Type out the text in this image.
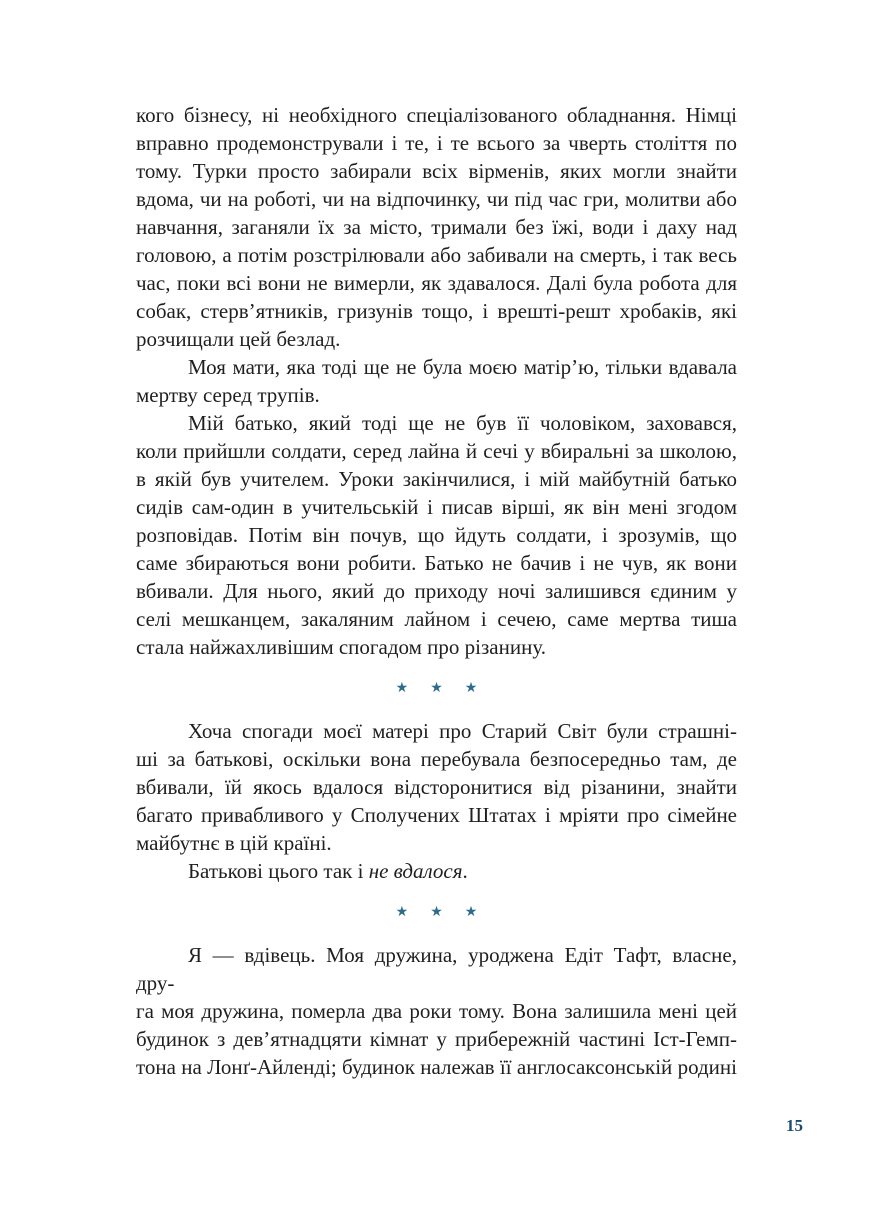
кого бізнесу, ні необхідного спеціалізованого обладнання. Німці
вправно продемонстрували і те, і те всього за чверть століття по
тому. Турки просто забирали всіх вірменів, яких могли знайти
вдома, чи на роботі, чи на відпочинку, чи під час гри, молитви або
навчання, заганяли їх за місто, тримали без їжі, води і даху над
головою, а потім розстрілювали або забивали на смерть, і так весь
час, поки всі вони не вимерли, як здавалося. Далі була робота для
собак, стерв’ятників, гризунів тощо, і врешті-решт хробаків, які
розчищали цей безлад.
Моя мати, яка тоді ще не була моєю матір’ю, тільки вдавала
мертву серед трупів.
Мій батько, який тоді ще не був її чоловіком, заховався,
коли прийшли солдати, серед лайна й сечі у вбиральні за школою,
в якій був учителем. Уроки закінчилися, і мій майбутній батько
сидів сам-один в учительській і писав вірші, як він мені згодом
розповідав. Потім він почув, що йдуть солдати, і зрозумів, що
саме збираються вони робити. Батько не бачив і не чув, як вони
вбивали. Для нього, який до приходу ночі залишився єдиним у
селі мешканцем, закаляним лайном і сечею, саме мертва тиша
стала найжахливішим спогадом про різанину.
★ ★ ★
Хоча спогади моєї матері про Старий Світ були страшні-
ші за батькові, оскільки вона перебувала безпосередньо там, де
вбивали, їй якось вдалося відсторонитися від різанини, знайти
багато привабливого у Сполучених Штатах і мріяти про сімейне
майбутнє в цій країні.
Батькові цього так і не вдалося.
★ ★ ★
Я — вдівець. Моя дружина, уроджена Едіт Тафт, власне, дру-
га моя дружина, померла два роки тому. Вона залишила мені цей
будинок з дев’ятнадцяти кімнат у прибережній частині Іст-Гемп-
тона на Лонґ-Айленді; будинок належав її англосаксонській родині
15
